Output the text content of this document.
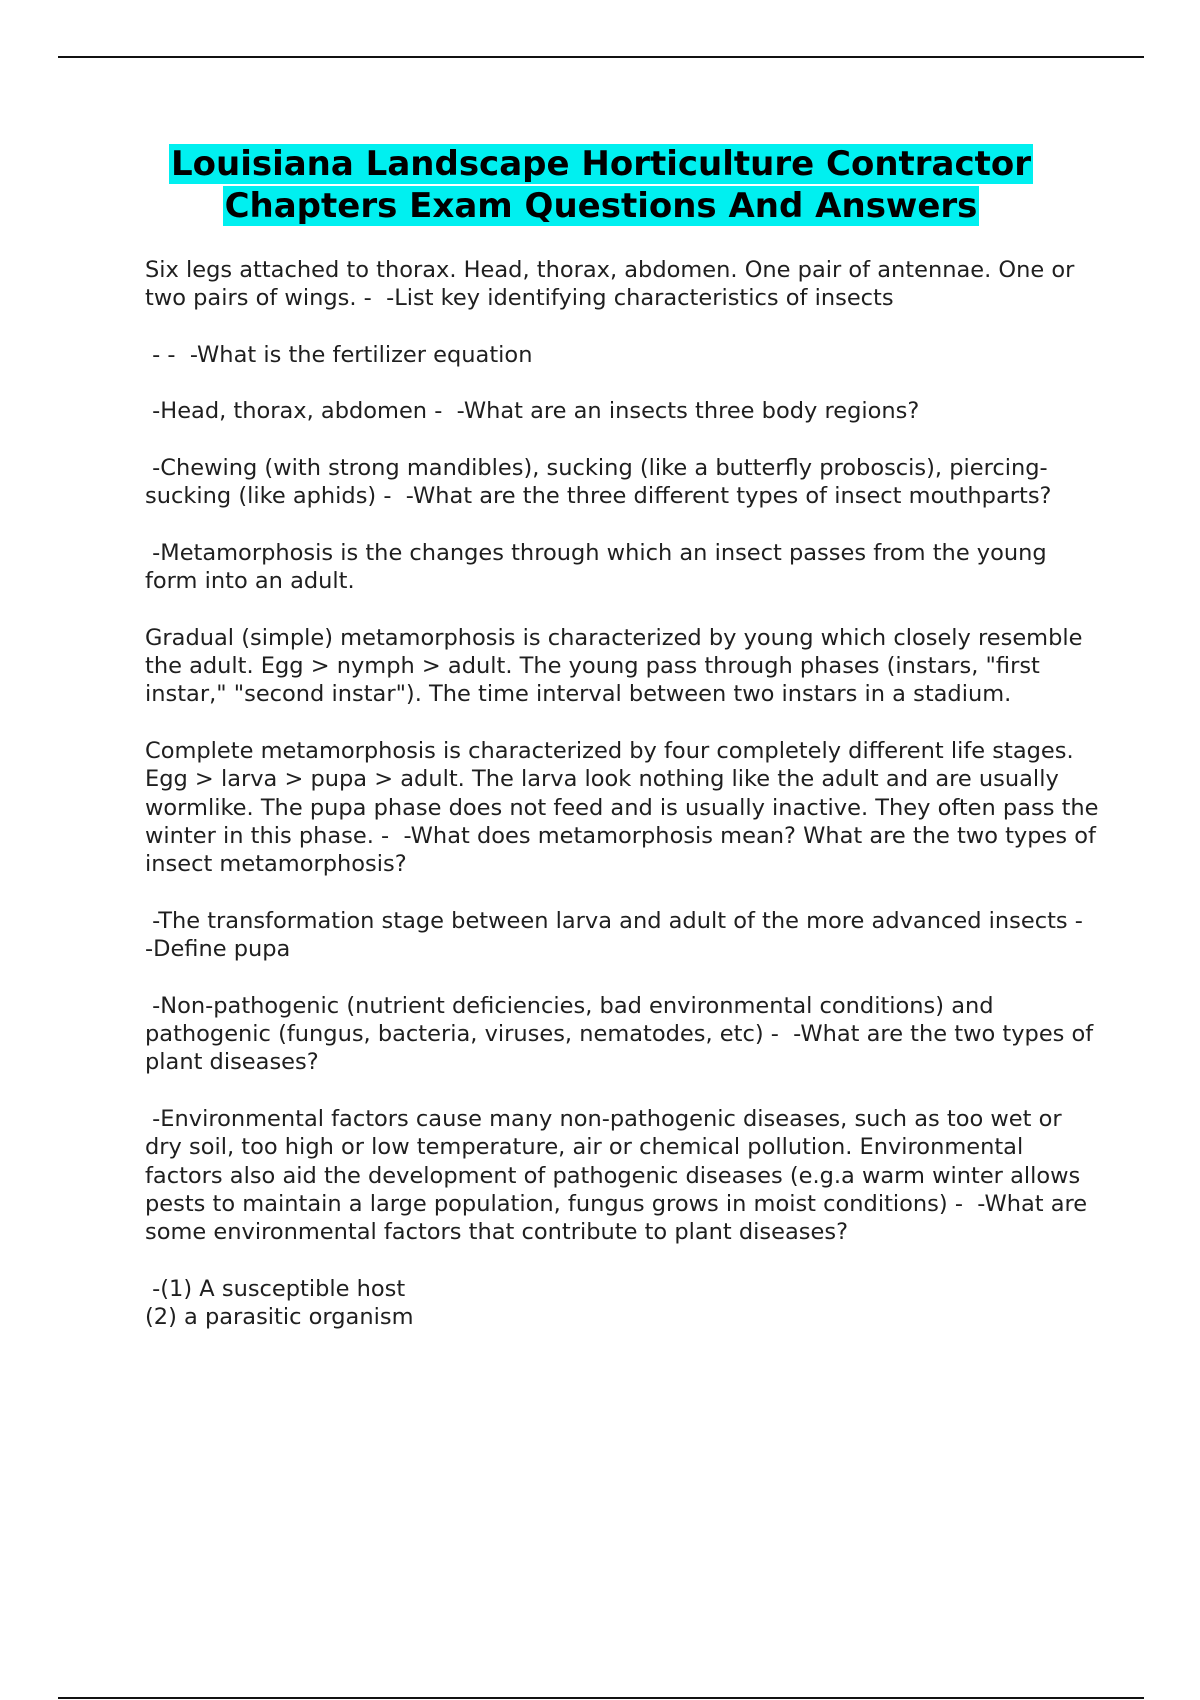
Louisiana Landscape Horticulture Contractor
Chapters Exam Questions And Answers

Six legs attached to thorax. Head, thorax, abdomen. One pair of antennae. One or two pairs of wings. -  -List key identifying characteristics of insects

- -  -What is the fertilizer equation

-Head, thorax, abdomen -  -What are an insects three body regions?

-Chewing (with strong mandibles), sucking (like a butterfly proboscis), piercing-sucking (like aphids) -  -What are the three different types of insect mouthparts?

-Metamorphosis is the changes through which an insect passes from the young form into an adult.

Gradual (simple) metamorphosis is characterized by young which closely resemble the adult. Egg > nymph > adult. The young pass through phases (instars, "first instar," "second instar"). The time interval between two instars in a stadium.

Complete metamorphosis is characterized by four completely different life stages. Egg > larva > pupa > adult. The larva look nothing like the adult and are usually wormlike. The pupa phase does not feed and is usually inactive. They often pass the winter in this phase. -  -What does metamorphosis mean? What are the two types of insect metamorphosis?

-The transformation stage between larva and adult of the more advanced insects -  -Define pupa

-Non-pathogenic (nutrient deficiencies, bad environmental conditions) and pathogenic (fungus, bacteria, viruses, nematodes, etc) -  -What are the two types of plant diseases?

-Environmental factors cause many non-pathogenic diseases, such as too wet or dry soil, too high or low temperature, air or chemical pollution. Environmental factors also aid the development of pathogenic diseases (e.g.a warm winter allows pests to maintain a large population, fungus grows in moist conditions) -  -What are some environmental factors that contribute to plant diseases?

-(1) A susceptible host
(2) a parasitic organism
